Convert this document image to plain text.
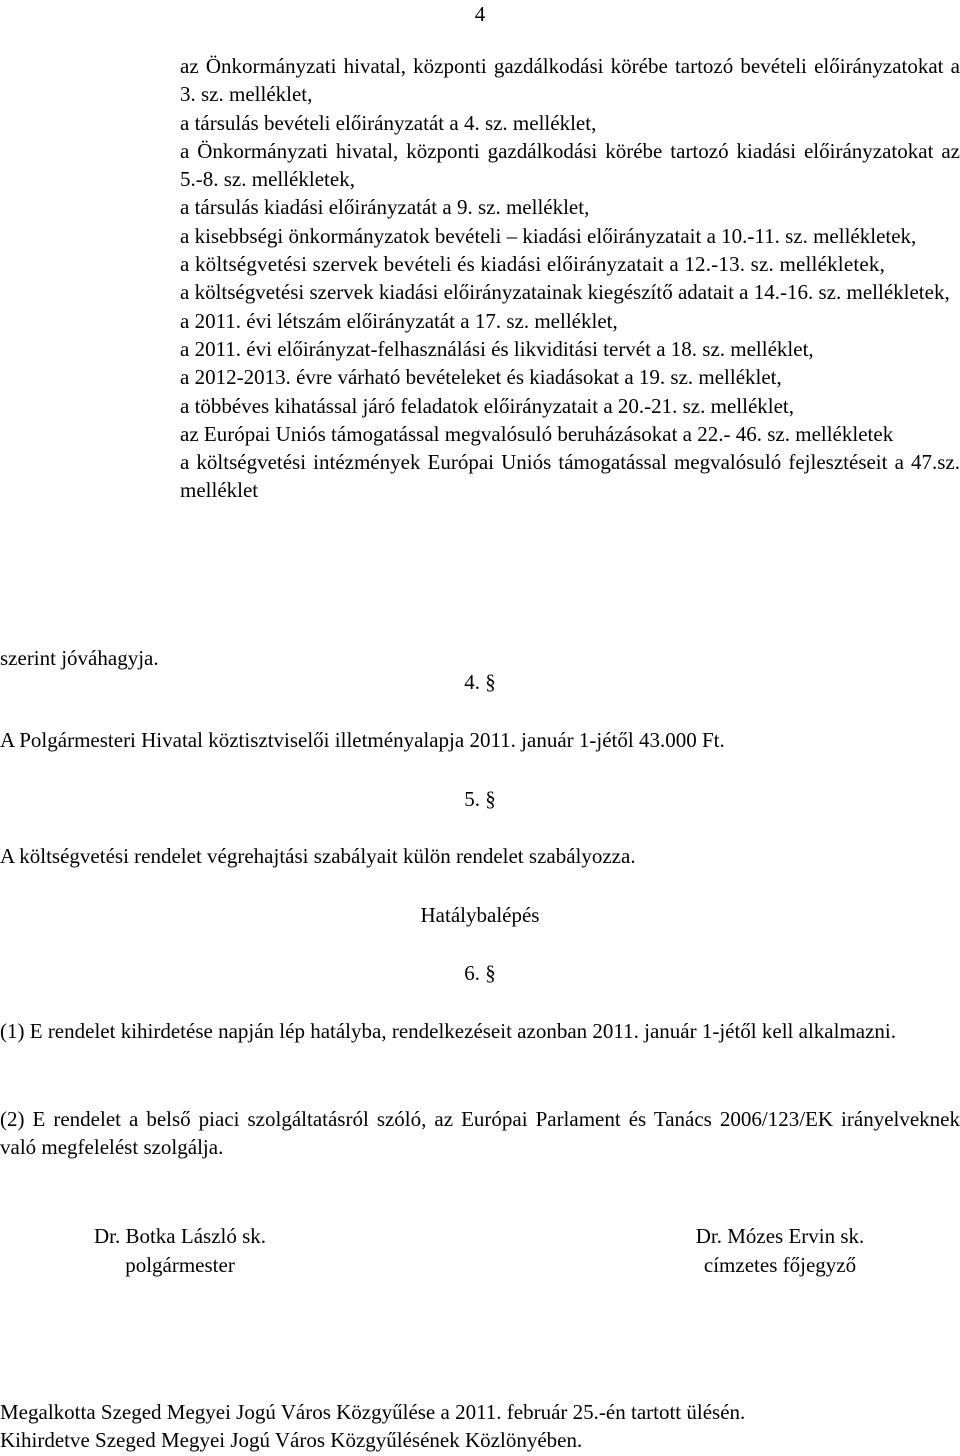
4

az Önkormányzati hivatal, központi gazdálkodási körébe tartozó bevételi előirányzatokat a 3. sz. melléklet,

a társulás bevételi előirányzatát a 4. sz. melléklet,

a Önkormányzati hivatal, központi gazdálkodási körébe tartozó kiadási előirányzatokat az 5.-8. sz. mellékletek,

a társulás kiadási előirányzatát a 9. sz. melléklet,

a kisebbségi önkormányzatok bevételi – kiadási előirányzatait a 10.-11. sz. mellékletek,

a költségvetési szervek bevételi és kiadási előirányzatait a 12.-13. sz. mellékletek,

a költségvetési szervek kiadási előirányzatainak kiegészítő adatait a 14.-16. sz. mellékletek,

a 2011. évi létszám előirányzatát a 17. sz. melléklet,

a 2011. évi előirányzat-felhasználási és likviditási tervét a 18. sz. melléklet,

a 2012-2013. évre várható bevételeket és kiadásokat a 19. sz. melléklet,

a többéves kihatással járó feladatok előirányzatait a 20.-21. sz. melléklet,

az Európai Uniós támogatással megvalósuló beruházásokat a 22.- 46. sz. mellékletek

a költségvetési intézmények Európai Uniós támogatással megvalósuló fejlesztéseit a 47.sz. melléklet

szerint jóváhagyja.
4. §

A Polgármesteri Hivatal köztisztviselői illetményalapja 2011. január 1-jétől 43.000 Ft.

5. §

A költségvetési rendelet végrehajtási szabályait külön rendelet szabályozza.

Hatálybalépés
6. §

(1) E rendelet kihirdetése napján lép hatályba, rendelkezéseit azonban 2011. január 1-jétől kell alkalmazni.

(2) E rendelet a belső piaci szolgáltatásról szóló, az Európai Parlament és Tanács 2006/123/EK irányelveknek való megfelelést szolgálja.

Dr. Botka László sk.
polgármester
Dr. Mózes Ervin sk.
címzetes főjegyző
Megalkotta Szeged Megyei Jogú Város Közgyűlése a 2011. február 25.-én tartott ülésén.
Kihirdetve Szeged Megyei Jogú Város Közgyűlésének Közlönyében.
